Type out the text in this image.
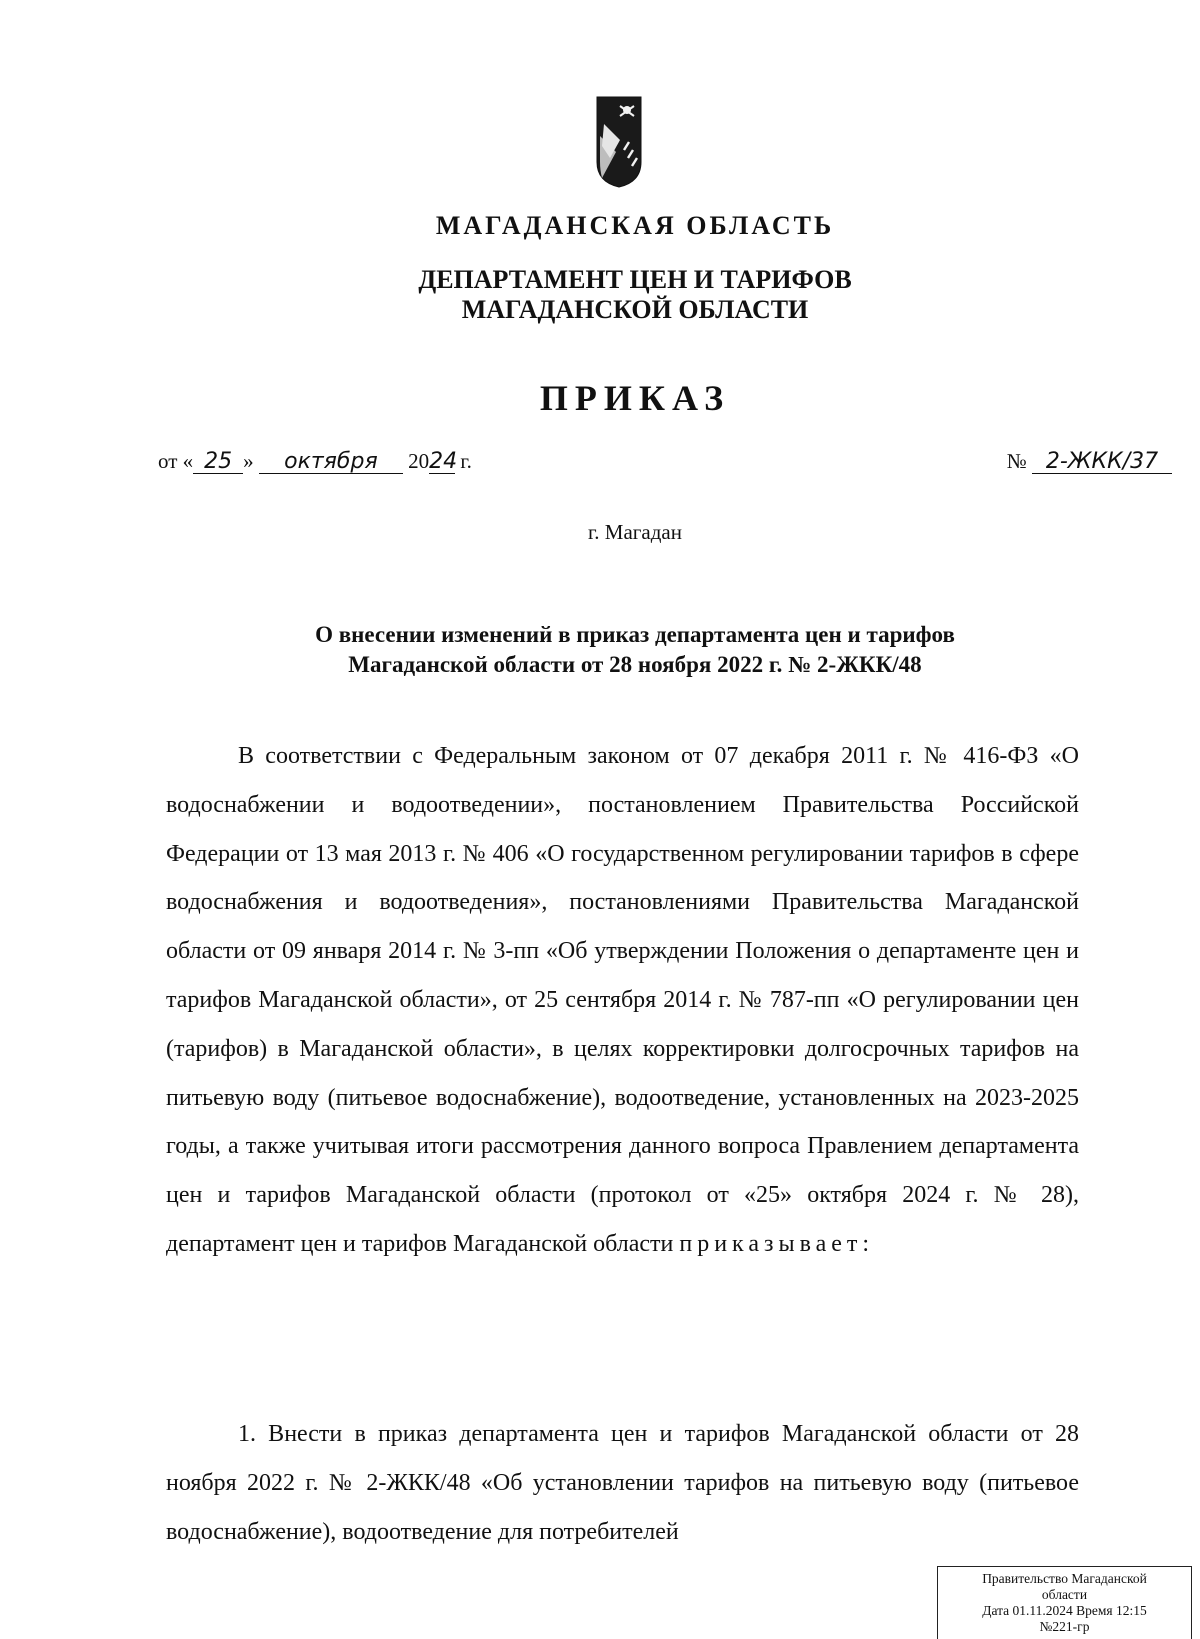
МАГАДАНСКАЯ ОБЛАСТЬ
ДЕПАРТАМЕНТ ЦЕН И ТАРИФОВ
МАГАДАНСКОЙ ОБЛАСТИ
ПРИКАЗ
от « 25 » октября 2024 г.	№ 2-ЖКК/37
г. Магадан
О внесении изменений в приказ департамента цен и тарифов
Магаданской области от 28 ноября 2022 г. № 2-ЖКК/48
В соответствии с Федеральным законом от 07 декабря 2011 г. № 416-ФЗ «О водоснабжении и водоотведении», постановлением Правительства Российской Федерации от 13 мая 2013 г. № 406 «О государственном регулировании тарифов в сфере водоснабжения и водоотведения», постановлениями Правительства Магаданской области от 09 января 2014 г. № 3-пп «Об утверждении Положения о департаменте цен и тарифов Магаданской области», от 25 сентября 2014 г. № 787-пп «О регулировании цен (тарифов) в Магаданской области», в целях корректировки долгосрочных тарифов на питьевую воду (питьевое водоснабжение), водоотведение, установленных на 2023-2025 годы, а также учитывая итоги рассмотрения данного вопроса Правлением департамента цен и тарифов Магаданской области (протокол от «25» октября 2024 г. № 28), департамент цен и тарифов Магаданской области приказывает:
1. Внести в приказ департамента цен и тарифов Магаданской области от 28 ноября 2022 г. № 2-ЖКК/48 «Об установлении тарифов на питьевую воду (питьевое водоснабжение), водоотведение для потребителей
Правительство Магаданской
области
Дата 01.11.2024 Время 12:15
№221-гр
